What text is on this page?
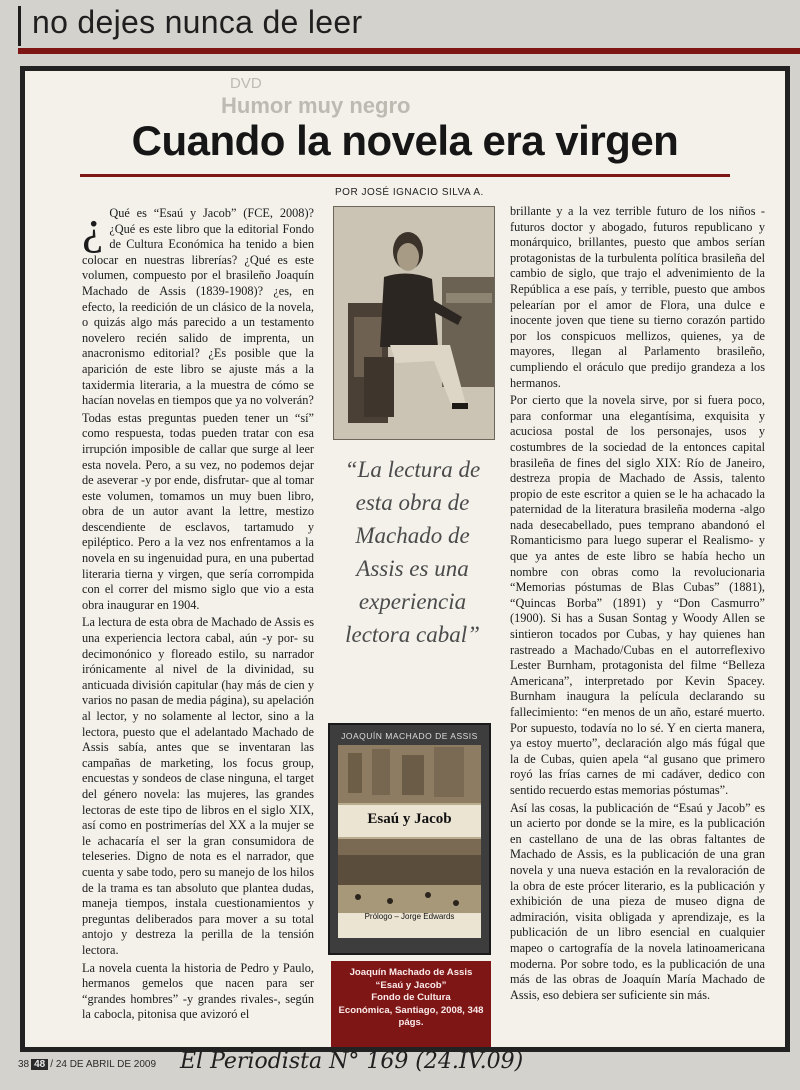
no dejes nunca de leer
DVD
Humor muy negro
Cuando la novela era virgen
POR JOSÉ IGNACIO SILVA A.

¿ Qué es “Esaú y Jacob” (FCE, 2008)? ¿Qué es este libro que la editorial Fondo de Cultura Económica ha tenido a bien colocar en nuestras librerías? ¿Qué es este volumen, compuesto por el brasileño Joaquín Machado de Assis (1839-1908)? ¿es, en efecto, la reedición de un clásico de la novela, o quizás algo más parecido a un testamento novelero recién salido de imprenta, un anacronismo editorial? ¿Es posible que la aparición de este libro se ajuste más a la taxidermia literaria, a la muestra de cómo se hacían novelas en tiempos que ya no volverán?

Todas estas preguntas pueden tener un “sí” como respuesta, todas pueden tratar con esa irrupción imposible de callar que surge al leer esta novela. Pero, a su vez, no podemos dejar de aseverar -y por ende, disfrutar- que al tomar este volumen, tomamos un muy buen libro, obra de un autor avant la lettre, mestizo descendiente de esclavos, tartamudo y epiléptico. Pero a la vez nos enfrentamos a la novela en su ingenuidad pura, en una pubertad literaria tierna y virgen, que sería corrompida con el correr del mismo siglo que vio a esta obra inaugurar en 1904.

La lectura de esta obra de Machado de Assis es una experiencia lectora cabal, aún -y por- su decimonónico y floreado estilo, su narrador irónicamente al nivel de la divinidad, su anticuada división capitular (hay más de cien y varios no pasan de media página), su apelación al lector, y no solamente al lector, sino a la lectora, puesto que el adelantado Machado de Assis sabía, antes que se inventaran las campañas de marketing, los focus group, encuestas y sondeos de clase ninguna, el target del género novela: las mujeres, las grandes lectoras de este tipo de libros en el siglo XIX, así como en postrimerías del XX a la mujer se le achacaría el ser la gran consumidora de teleseries. Digno de nota es el narrador, que cuenta y sabe todo, pero su manejo de los hilos de la trama es tan absoluto que plantea dudas, maneja tiempos, instala cuestionamientos y preguntas deliberados para mover a su total antojo y destreza la perilla de la tensión lectora.

La novela cuenta la historia de Pedro y Paulo, hermanos gemelos que nacen para ser “grandes hombres” -y grandes rivales-, según la cabocla, pitonisa que avizoró el

“La lectura de esta obra de Machado de Assis es una experiencia lectora cabal”
JOAQUÍN MACHADO DE ASSIS
Esaú y Jacob
Prólogo – Jorge Edwards
Joaquín Machado de Assis
“Esaú y Jacob”
Fondo de Cultura
Económica, Santiago, 2008, 348 págs.

brillante y a la vez terrible futuro de los niños -futuros doctor y abogado, futuros republicano y monárquico, brillantes, puesto que ambos serían protagonistas de la turbulenta política brasileña del cambio de siglo, que trajo el advenimiento de la República a ese país, y terrible, puesto que ambos pelearían por el amor de Flora, una dulce e inocente joven que tiene su tierno corazón partido por los conspicuos mellizos, quienes, ya de mayores, llegan al Parlamento brasileño, cumpliendo el oráculo que predijo grandeza a los hermanos.

Por cierto que la novela sirve, por si fuera poco, para conformar una elegantísima, exquisita y acuciosa postal de los personajes, usos y costumbres de la sociedad de la entonces capital brasileña de fines del siglo XIX: Río de Janeiro, destreza propia de Machado de Assis, talento propio de este escritor a quien se le ha achacado la paternidad de la literatura brasileña moderna -algo nada desecabellado, pues temprano abandonó el Romanticismo para luego superar el Realismo- y que ya antes de este libro se había hecho un nombre con obras como la revolucionaria “Memorias póstumas de Blas Cubas” (1881), “Quincas Borba” (1891) y “Don Casmurro” (1900). Si has a Susan Sontag y Woody Allen se sintieron tocados por Cubas, y hay quienes han rastreado a Machado/Cubas en el autorreflexivo Lester Burnham, protagonista del filme “Belleza Americana”, interpretado por Kevin Spacey. Burnham inaugura la película declarando su fallecimiento: “en menos de un año, estaré muerto. Por supuesto, todavía no lo sé. Y en cierta manera, ya estoy muerto”, declaración algo más fúgal que la de Cubas, quien apela “al gusano que primero royó las frías carnes de mi cadáver, dedico con sentido recuerdo estas memorias póstumas”.

Así las cosas, la publicación de “Esaú y Jacob” es un acierto por donde se la mire, es la publicación en castellano de una de las obras faltantes de Machado de Assis, es la publicación de una gran novela y una nueva estación en la revaloración de la obra de este prócer literario, es la publicación y exhibición de una pieza de museo digna de admiración, visita obligada y aprendizaje, es la publicación de un libro esencial en cualquier mapeo o cartografía de la novela latinoamericana moderna. Por sobre todo, es la publicación de una más de las obras de Joaquín María Machado de Assis, eso debiera ser suficiente sin más.

38 48 / 24 DE ABRIL DE 2009 El Periodista N° 169 (24.IV.09)
